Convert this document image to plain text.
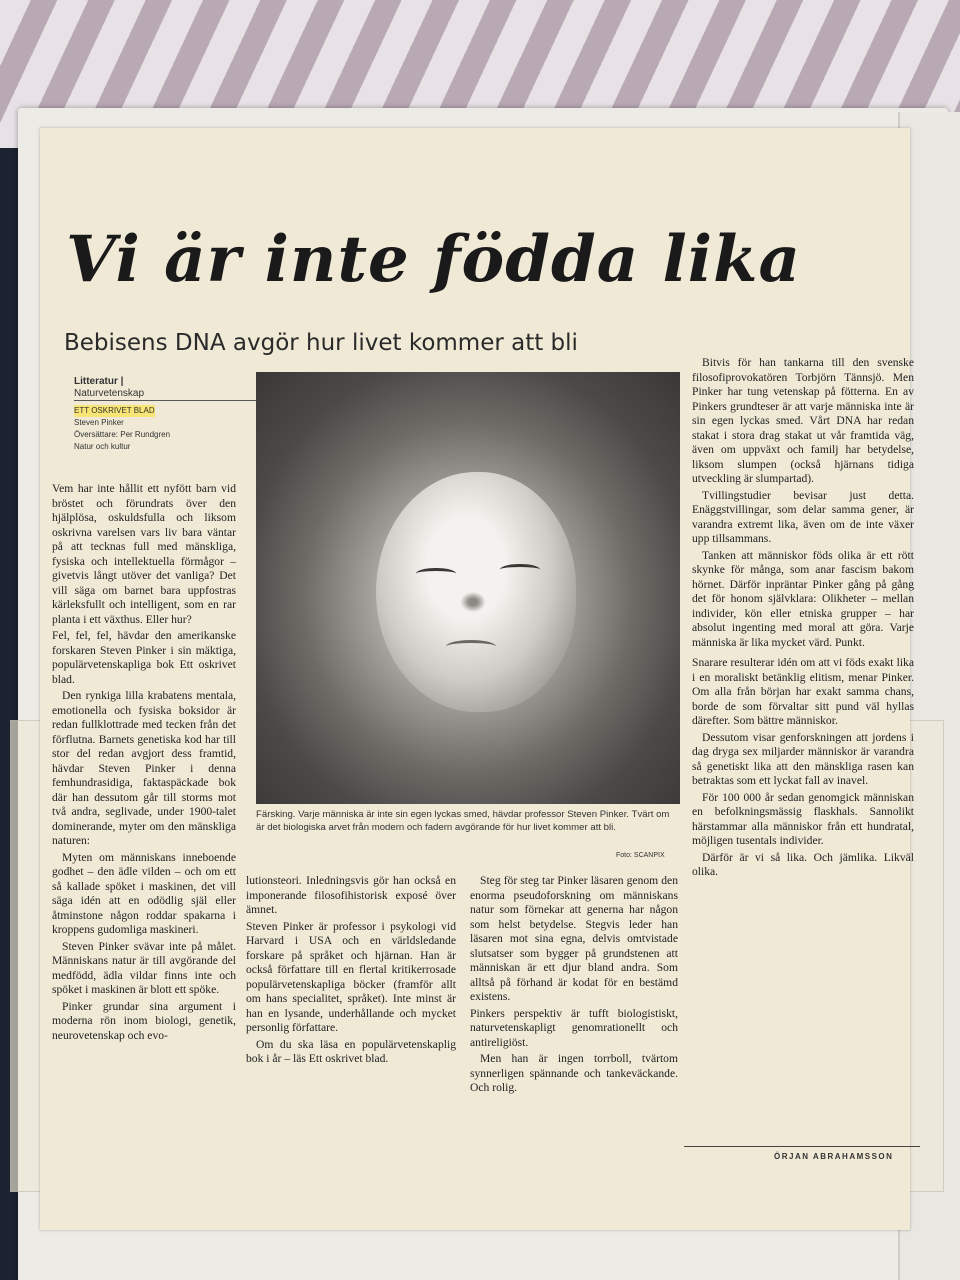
Vi är inte födda lika
Bebisens DNA avgör hur livet kommer att bli
Litteratur |
Naturvetenskap
ETT OSKRIVET BLAD
Steven Pinker
Översättare: Per Rundgren
Natur och kultur
Färsking. Varje människa är inte sin egen lyckas smed, hävdar professor Steven Pinker. Tvärt om är det biologiska arvet från modern och fadern avgörande för hur livet kommer att bli.
Foto: SCANPIX

Vem har inte hållit ett nyfött barn vid bröstet och förundrats över den hjälplösa, oskuldsfulla och liksom oskrivna varelsen vars liv bara väntar på att tecknas full med mänskliga, fysiska och intellektuella förmågor – givetvis långt utöver det vanliga? Det vill säga om barnet bara uppfostras kärleksfullt och intelligent, som en rar planta i ett växthus. Eller hur?

Fel, fel, fel, hävdar den amerikanske forskaren Steven Pinker i sin mäktiga, populärvetenskapliga bok Ett oskrivet blad.

Den rynkiga lilla krabatens mentala, emotionella och fysiska boksidor är redan fullklottrade med tecken från det förflutna. Barnets genetiska kod har till stor del redan avgjort dess framtid, hävdar Steven Pinker i denna femhundrasidiga, faktaspäckade bok där han dessutom går till storms mot två andra, seglivade, under 1900-talet dominerande, myter om den mänskliga naturen:

Myten om människans inneboende godhet – den ädle vilden – och om ett så kallade spöket i maskinen, det vill säga idén att en odödlig själ eller åtminstone någon roddar spakarna i kroppens gudomliga maskineri.

Steven Pinker svävar inte på målet. Människans natur är till avgörande del medfödd, ädla vildar finns inte och spöket i maskinen är blott ett spöke.

Pinker grundar sina argument i moderna rön inom biologi, genetik, neurovetenskap och evo-

lutionsteori. Inledningsvis gör han också en imponerande filosofihistorisk exposé över ämnet.

Steven Pinker är professor i psykologi vid Harvard i USA och en världsledande forskare på språket och hjärnan. Han är också författare till en flertal kritikerrosade populärvetenskapliga böcker (framför allt om hans specialitet, språket). Inte minst är han en lysande, underhållande och mycket personlig författare.

Om du ska läsa en populärvetenskaplig bok i år – läs Ett oskrivet blad.

Steg för steg tar Pinker läsaren genom den enorma pseudoforskning om människans natur som förnekar att generna har någon som helst betydelse. Stegvis leder han läsaren mot sina egna, delvis omtvistade slutsatser som bygger på grundstenen att människan är ett djur bland andra. Som alltså på förhand är kodat för en bestämd existens.

Pinkers perspektiv är tufft biologistiskt, naturvetenskapligt genomrationellt och antireligiöst.

Men han är ingen torrboll, tvärtom synnerligen spännande och tankeväckande. Och rolig.

Bitvis för han tankarna till den svenske filosofiprovokatören Torbjörn Tännsjö. Men Pinker har tung vetenskap på fötterna. En av Pinkers grundteser är att varje människa inte är sin egen lyckas smed. Vårt DNA har redan stakat i stora drag stakat ut vår framtida väg, även om uppväxt och familj har betydelse, liksom slumpen (också hjärnans tidiga utveckling är slumpartad).

Tvillingstudier bevisar just detta. Enäggstvillingar, som delar samma gener, är varandra extremt lika, även om de inte växer upp tillsammans.

Tanken att människor föds olika är ett rött skynke för många, som anar fascism bakom hörnet. Därför inpräntar Pinker gång på gång det för honom självklara: Olikheter – mellan individer, kön eller etniska grupper – har absolut ingenting med moral att göra. Varje människa är lika mycket värd. Punkt.

Snarare resulterar idén om att vi föds exakt lika i en moraliskt betänklig elitism, menar Pinker. Om alla från början har exakt samma chans, borde de som förvaltar sitt pund väl hyllas därefter. Som bättre människor.

Dessutom visar genforskningen att jordens i dag dryga sex miljarder människor är varandra så genetiskt lika att den mänskliga rasen kan betraktas som ett lyckat fall av inavel.

För 100 000 år sedan genomgick människan en befolkningsmässig flaskhals. Sannolikt härstammar alla människor från ett hundratal, möjligen tusentals individer.

Därför är vi så lika. Och jämlika. Likväl olika.

ÖRJAN ABRAHAMSSON
